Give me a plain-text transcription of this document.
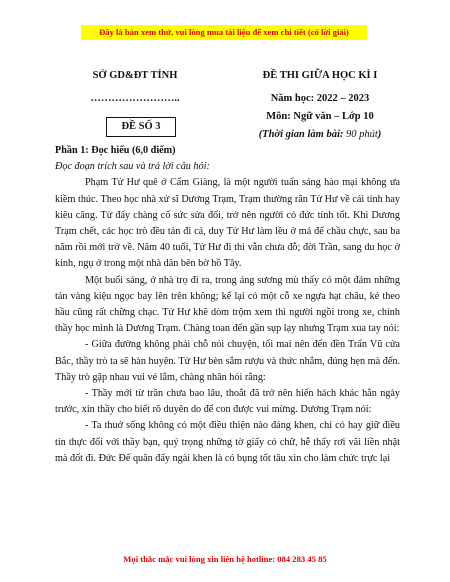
Đây là bản xem thử, vui lòng mua tài liệu để xem chi tiết (có lời giải)
SỞ GD&ĐT TỈNH
……………………..
ĐỀ SỐ 3
ĐỀ THI GIỮA HỌC KÌ I
Năm học: 2022 – 2023
Môn: Ngữ văn – Lớp 10
(Thời gian làm bài: 90 phút)

Phần 1: Đọc hiểu (6,0 điểm)

Đọc đoạn trích sau và trả lời câu hỏi:

Phạm Tử Hư quê ở Cẩm Giàng, là một người tuấn sáng hào mại không ưa kiềm thúc. Theo học nhà xử sĩ Dương Trạm, Trạm thường răn Tử Hư về cái tính hay kiêu căng. Từ đấy chàng cố sức sửa đổi, trở nên người có đức tính tốt. Khi Dương Trạm chết, các học trò đều tản đi cả, duy Tử Hư làm lều ở mả để chầu chực, sau ba năm rồi mới trở về. Năm 40 tuổi, Tử Hư đi thi vẫn chưa đỗ; đời Trần, sang du học ở kinh, ngụ ở trong một nhà dân bên bờ hồ Tây.

Một buổi sáng, ở nhà trọ đi ra, trong áng sương mù thấy có một đám những tán vàng kiệu ngọc bay lên trên không; kế lại có một cỗ xe ngựa hạt châu, kẻ theo hầu cũng rất chững chạc. Tử Hư khẽ dòm trộm xem thì người ngồi trong xe, chính thầy học mình là Dương Trạm. Chàng toan đến gần sụp lạy nhưng Trạm xua tay nói:

- Giữa đường không phải chỗ nói chuyện, tối mai nên đến đền Trấn Vũ cửa Bắc, thầy trò ta sẽ hàn huyên. Tử Hư bèn sắm rượu và thức nhắm, đúng hẹn mà đến. Thầy trò gặp nhau vui vẻ lắm, chàng nhân hỏi rằng:

- Thầy mới từ trần chưa bao lâu, thoắt đã trở nên hiển hách khác hẳn ngày trước, xin thầy cho biết rõ duyên do để con được vui mừng. Dương Trạm nói:

- Ta thuở sống không có một điều thiện nào đáng khen, chỉ có hay giữ điều tín thực đối với thầy bạn, quý trọng những tờ giấy có chữ, hễ thấy rơi vãi liền nhặt mà đốt đi. Đức Đế quân đấy ngài khen là có bụng tốt tâu xin cho làm chức trực lại

Mọi thắc mắc vui lòng xin liên hệ hotline: 084 283 45 85
